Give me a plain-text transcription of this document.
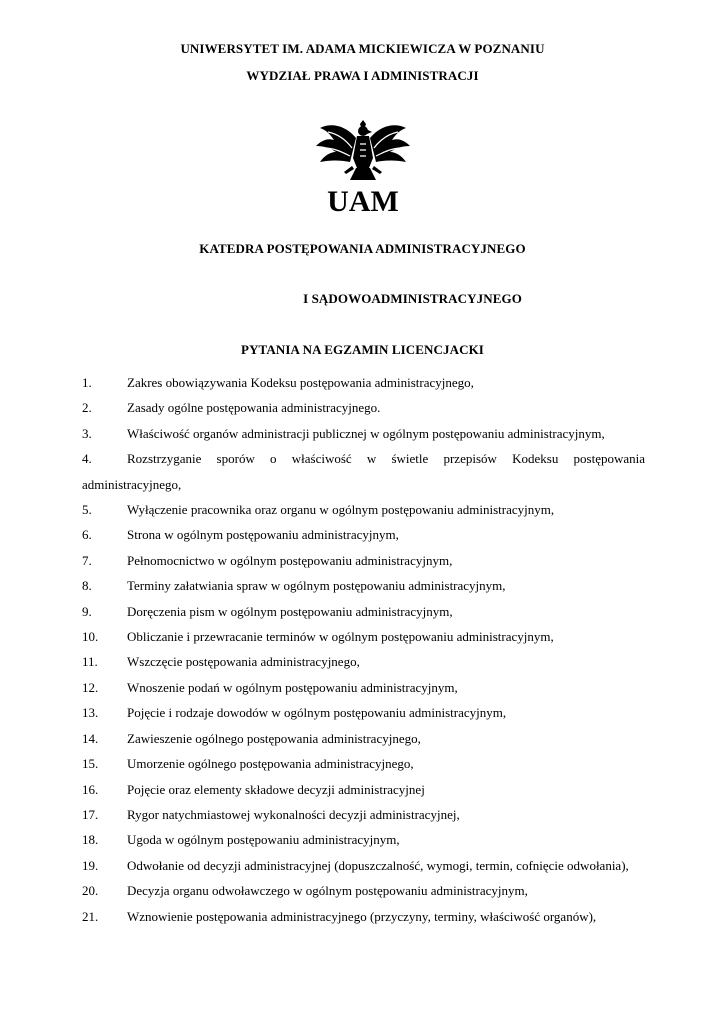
UNIWERSYTET IM. ADAMA MICKIEWICZA W POZNANIU
WYDZIAŁ PRAWA I ADMINISTRACJI
UAM
KATEDRA POSTĘPOWANIA ADMINISTRACYJNEGO
I SĄDOWOADMINISTRACYJNEGO
PYTANIA NA EGZAMIN LICENCJACKI
1.	Zakres obowiązywania Kodeksu postępowania administracyjnego,
2.	Zasady ogólne postępowania administracyjnego.
3.	Właściwość organów administracji publicznej w ogólnym postępowaniu administracyjnym,
4.	Rozstrzyganie sporów o właściwość w świetle przepisów Kodeksu postępowania administracyjnego,
5.	Wyłączenie pracownika oraz organu w ogólnym postępowaniu administracyjnym,
6.	Strona w ogólnym postępowaniu administracyjnym,
7.	Pełnomocnictwo w ogólnym postępowaniu administracyjnym,
8.	Terminy załatwiania spraw w ogólnym postępowaniu administracyjnym,
9.	Doręczenia pism w ogólnym postępowaniu administracyjnym,
10.	Obliczanie i przewracanie terminów w ogólnym postępowaniu administracyjnym,
11.	Wszczęcie postępowania administracyjnego,
12.	Wnoszenie podań w ogólnym postępowaniu administracyjnym,
13.	Pojęcie i rodzaje dowodów w ogólnym postępowaniu administracyjnym,
14.	Zawieszenie ogólnego postępowania administracyjnego,
15.	Umorzenie ogólnego postępowania administracyjnego,
16.	Pojęcie oraz elementy składowe decyzji administracyjnej
17.	Rygor natychmiastowej wykonalności decyzji administracyjnej,
18.	Ugoda w ogólnym postępowaniu administracyjnym,
19.	Odwołanie od decyzji administracyjnej (dopuszczalność, wymogi, termin, cofnięcie odwołania),
20.	Decyzja organu odwoławczego w ogólnym postępowaniu administracyjnym,
21.	Wznowienie postępowania administracyjnego (przyczyny, terminy, właściwość organów),
